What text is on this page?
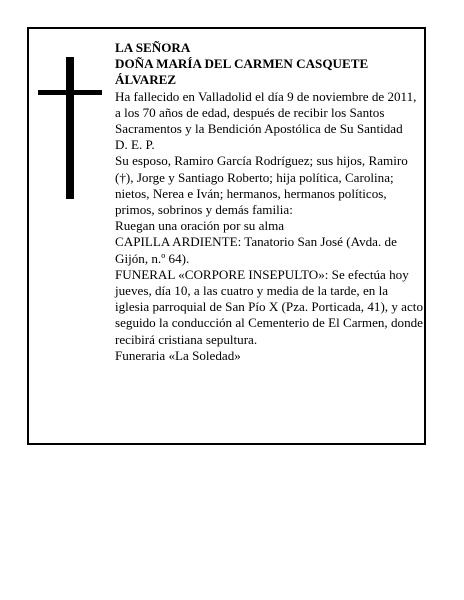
LA SEÑORA

DOÑA MARÍA DEL CARMEN CASQUETE

ÁLVAREZ

Ha fallecido en Valladolid el día 9 de noviembre de 2011, a los 70 años de edad, después de recibir los Santos Sacramentos y la Bendición Apostólica de Su Santidad

D. E. P.

Su esposo, Ramiro García Rodríguez; sus hijos, Ramiro (†), Jorge y Santiago Roberto; hija política, Carolina; nietos, Nerea e Iván; hermanos, hermanos políticos, primos, sobrinos y demás familia:

Ruegan una oración por su alma

CAPILLA ARDIENTE: Tanatorio San José (Avda. de Gijón, n.º 64).

FUNERAL «CORPORE INSEPULTO»: Se efectúa hoy jueves, día 10, a las cuatro y media de la tarde, en la iglesia parroquial de San Pío X (Pza. Porticada, 41), y acto seguido la conducción al Cementerio de El Carmen, donde recibirá cristiana sepultura.

Funeraria «La Soledad»
